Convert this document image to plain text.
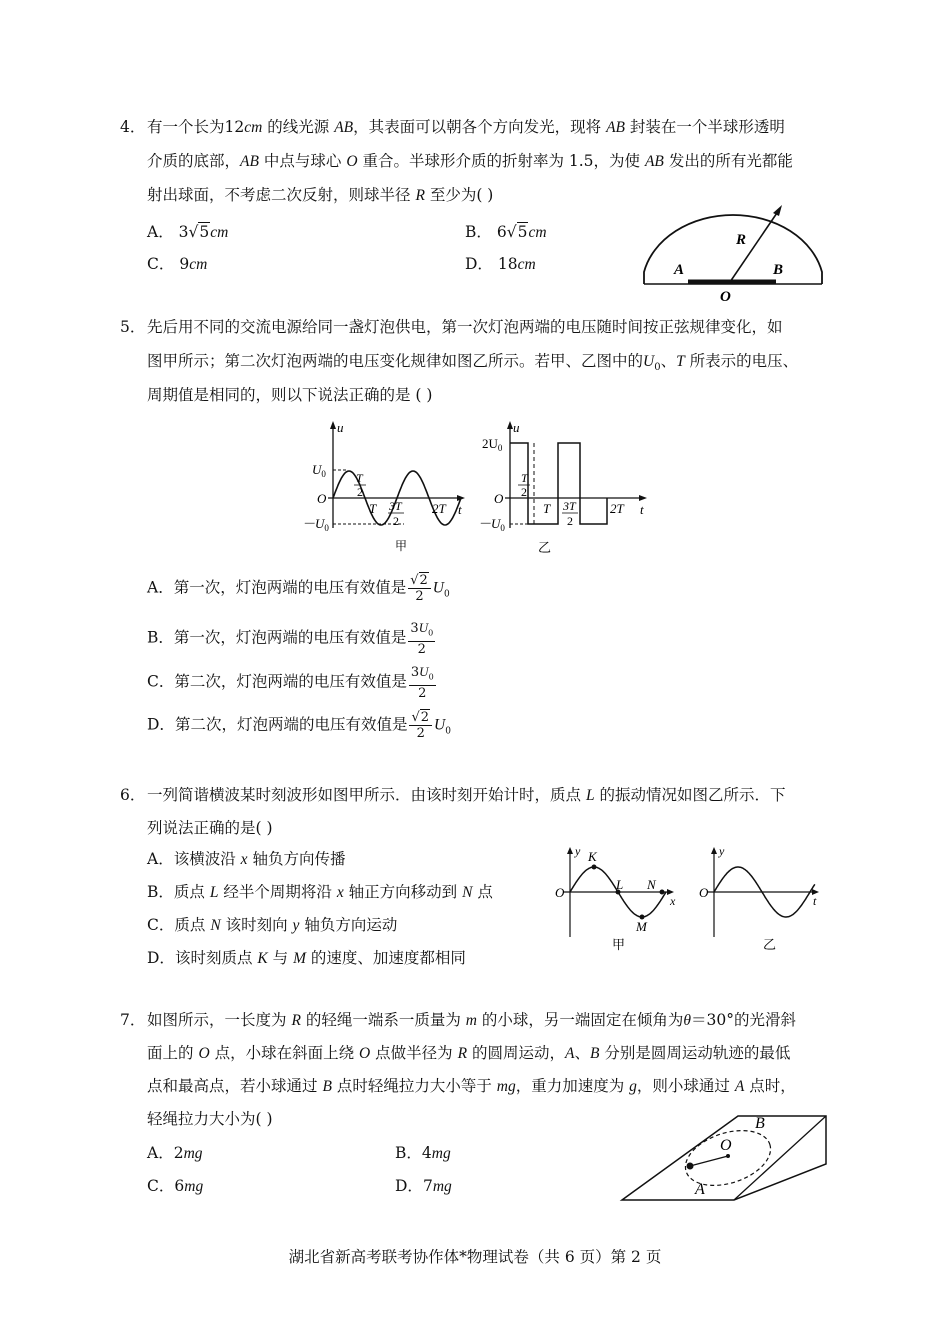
4． 有一个长为12cm 的线光源 AB，其表面可以朝各个方向发光，现将 AB 封装在一个半球形透明
介质的底部，AB 中点与球心 O 重合。半球形介质的折射率为 1.5，为使 AB 发出的所有光都能
射出球面，不考虑二次反射，则球半径 R 至少为( )
A． 3√5cm	B． 6√5cm
C． 9cm	D． 18cm	A	B
O
R
5． 先后用不同的交流电源给同一盏灯泡供电，第一次灯泡两端的电压随时间按正弦规律变化，如
图甲所示；第二次灯泡两端的电压变化规律如图乙所示。若甲、乙图中的$U_0$、T 所表示的电压、
周期值是相同的，则以下说法正确的是 ( )
u
t
O
$U_0$
$-U_0$
T
2
T 3T
2
2T
甲
u
t
O
$2U_0$
$-U_0$
T
2
T 3T
2
2T
乙
A．第一次，灯泡两端的电压有效值是 $\frac{√2}{2} U_0$
B．第一次，灯泡两端的电压有效值是 $\frac{3U_0}{2}$
C．第二次，灯泡两端的电压有效值是 $\frac{3U_0}{2}$
D．第二次，灯泡两端的电压有效值是 $\frac{√2}{2} U_0$
6． 一列简谐横波某时刻波形如图甲所示．由该时刻开始计时，质点 L 的振动情况如图乙所示．下
列说法正确的是( )
A．该横波沿 x 轴负方向传播
B．质点 L 经半个周期将沿 x 轴正方向移动到 N 点
C．质点 N 该时刻向 y 轴负方向运动
D．该时刻质点 K 与 M 的速度、加速度都相同
y
x
O
K
L N
M
甲
y
t
O
乙
7． 如图所示，一长度为 R 的轻绳一端系一质量为 m 的小球，另一端固定在倾角为θ＝30°的光滑斜
面上的 O 点，小球在斜面上绕 O 点做半径为 R 的圆周运动，A、B 分别是圆周运动轨迹的最低
点和最高点，若小球通过 B 点时轻绳拉力大小等于 mg，重力加速度为 g，则小球通过 A 点时，
轻绳拉力大小为( )
A．2mg	B．4mg
C．6mg	D．7mg
O
A
B
湖北省新高考联考协作体*物理试卷（共 6 页）第 2 页
